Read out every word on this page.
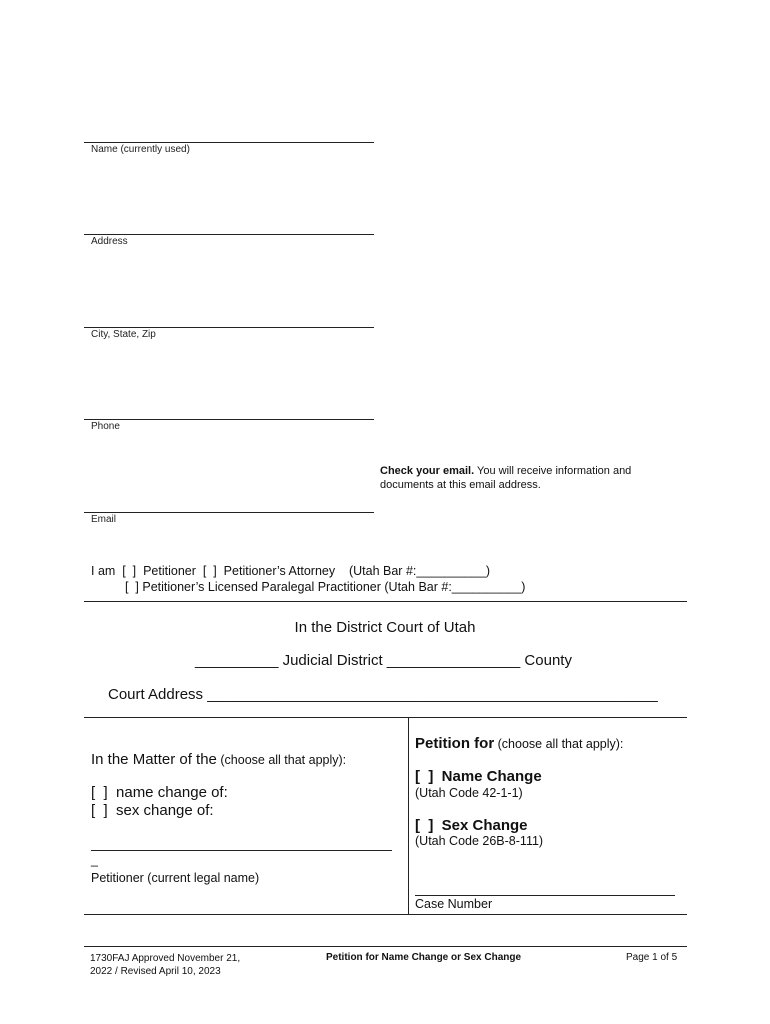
Name (currently used)
Address
City, State, Zip
Phone
Check your email. You will receive information and documents at this email address.
Email
I am  [  ]  Petitioner  [  ]  Petitioner’s Attorney    (Utah Bar #:__________)
[  ] Petitioner’s Licensed Paralegal Practitioner (Utah Bar #:__________)
In the District Court of Utah
__________ Judicial District ________________ County
Court Address ______________________________________________________
In the Matter of the (choose all that apply):
[  ]  name change of:
[  ]  sex change of:
_
Petitioner (current legal name)
Petition for (choose all that apply):
[  ]  Name Change
(Utah Code 42-1-1)
[  ]  Sex Change
(Utah Code 26B-8-111)
Case Number
1730FAJ Approved November 21, 2022 / Revised April 10, 2023
Petition for Name Change or Sex Change	Page 1 of 5
